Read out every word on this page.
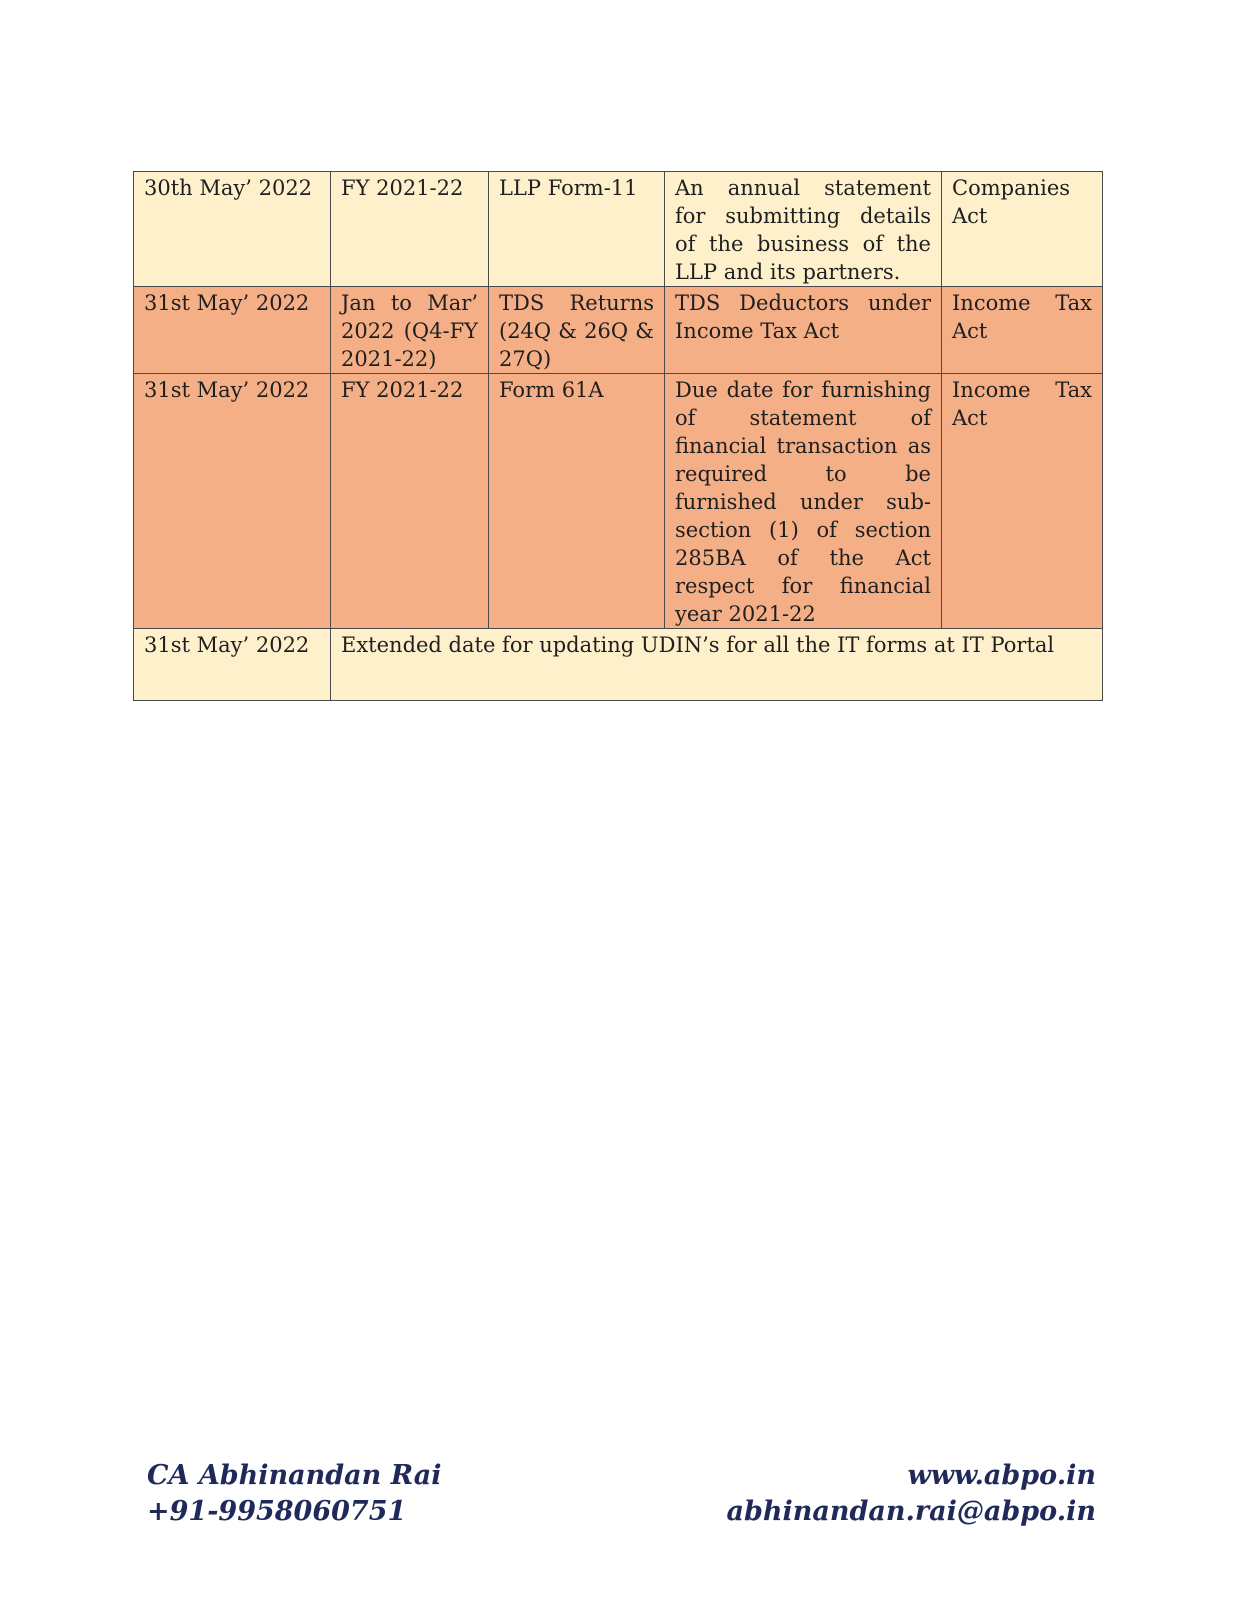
30th May’ 2022	FY 2021-22	LLP Form-11	An annual statement for submitting details of the business of the LLP and its partners.	Companies Act
31st May’ 2022	Jan to Mar’ 2022 (Q4-FY 2021-22)	TDS Returns (24Q & 26Q & 27Q)	TDS Deductors under Income Tax Act	Income Tax Act
31st May’ 2022	FY 2021-22	Form 61A	Due date for furnishing of statement of financial transaction as required to be furnished under sub-section (1) of section 285BA of the Act respect for financial year 2021-22	Income Tax Act
31st May’ 2022	Extended date for updating UDIN’s for all the IT forms at IT Portal			
CA Abhinandan Rai
+91-9958060751
www.abpo.in
abhinandan.rai@abpo.in
